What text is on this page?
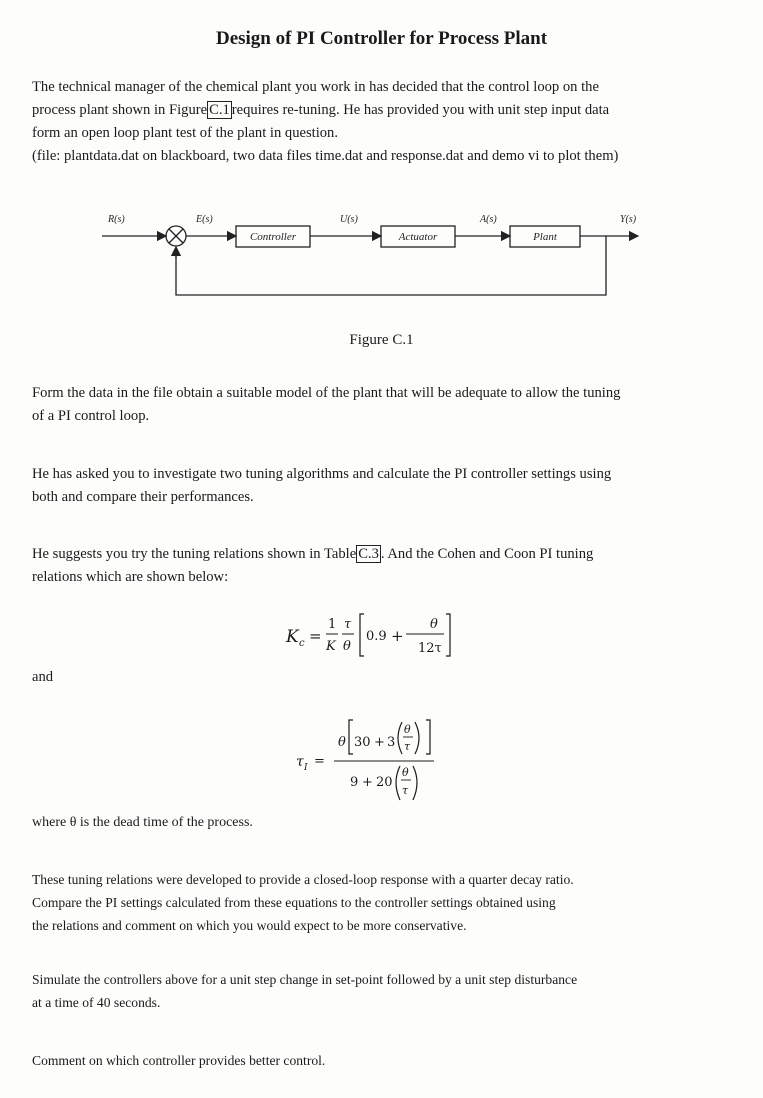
Design of PI Controller for Process Plant
The technical manager of the chemical plant you work in has decided that the control loop on the
process plant shown in Figure C.1 requires re-tuning. He has provided you with unit step input data
form an open loop plant test of the plant in question.
(file: plantdata.dat on blackboard, two data files time.dat and response.dat and demo vi to plot them)
R(s)	E(s)	U(s)	A(s)	Y(s)
Controller	Actuator	Plant
Figure C.1
Form the data in the file obtain a suitable model of the plant that will be adequate to allow the tuning
of a PI control loop.
He has asked you to investigate two tuning algorithms and calculate the PI controller settings using
both and compare their performances.
He suggests you try the tuning relations shown in Table C.3 . And the Cohen and Coon PI tuning
relations which are shown below:
K c =
1
K
τ
θ
0.9 +
θ
12τ
and
τ I =
θ 30 + 3
θ
τ
9 + 20
θ
τ
where θ is the dead time of the process.
These tuning relations were developed to provide a closed-loop response with a quarter decay ratio.
Compare the PI settings calculated from these equations to the controller settings obtained using
the relations and comment on which you would expect to be more conservative.
Simulate the controllers above for a unit step change in set-point followed by a unit step disturbance
at a time of 40 seconds.
Comment on which controller provides better control.
